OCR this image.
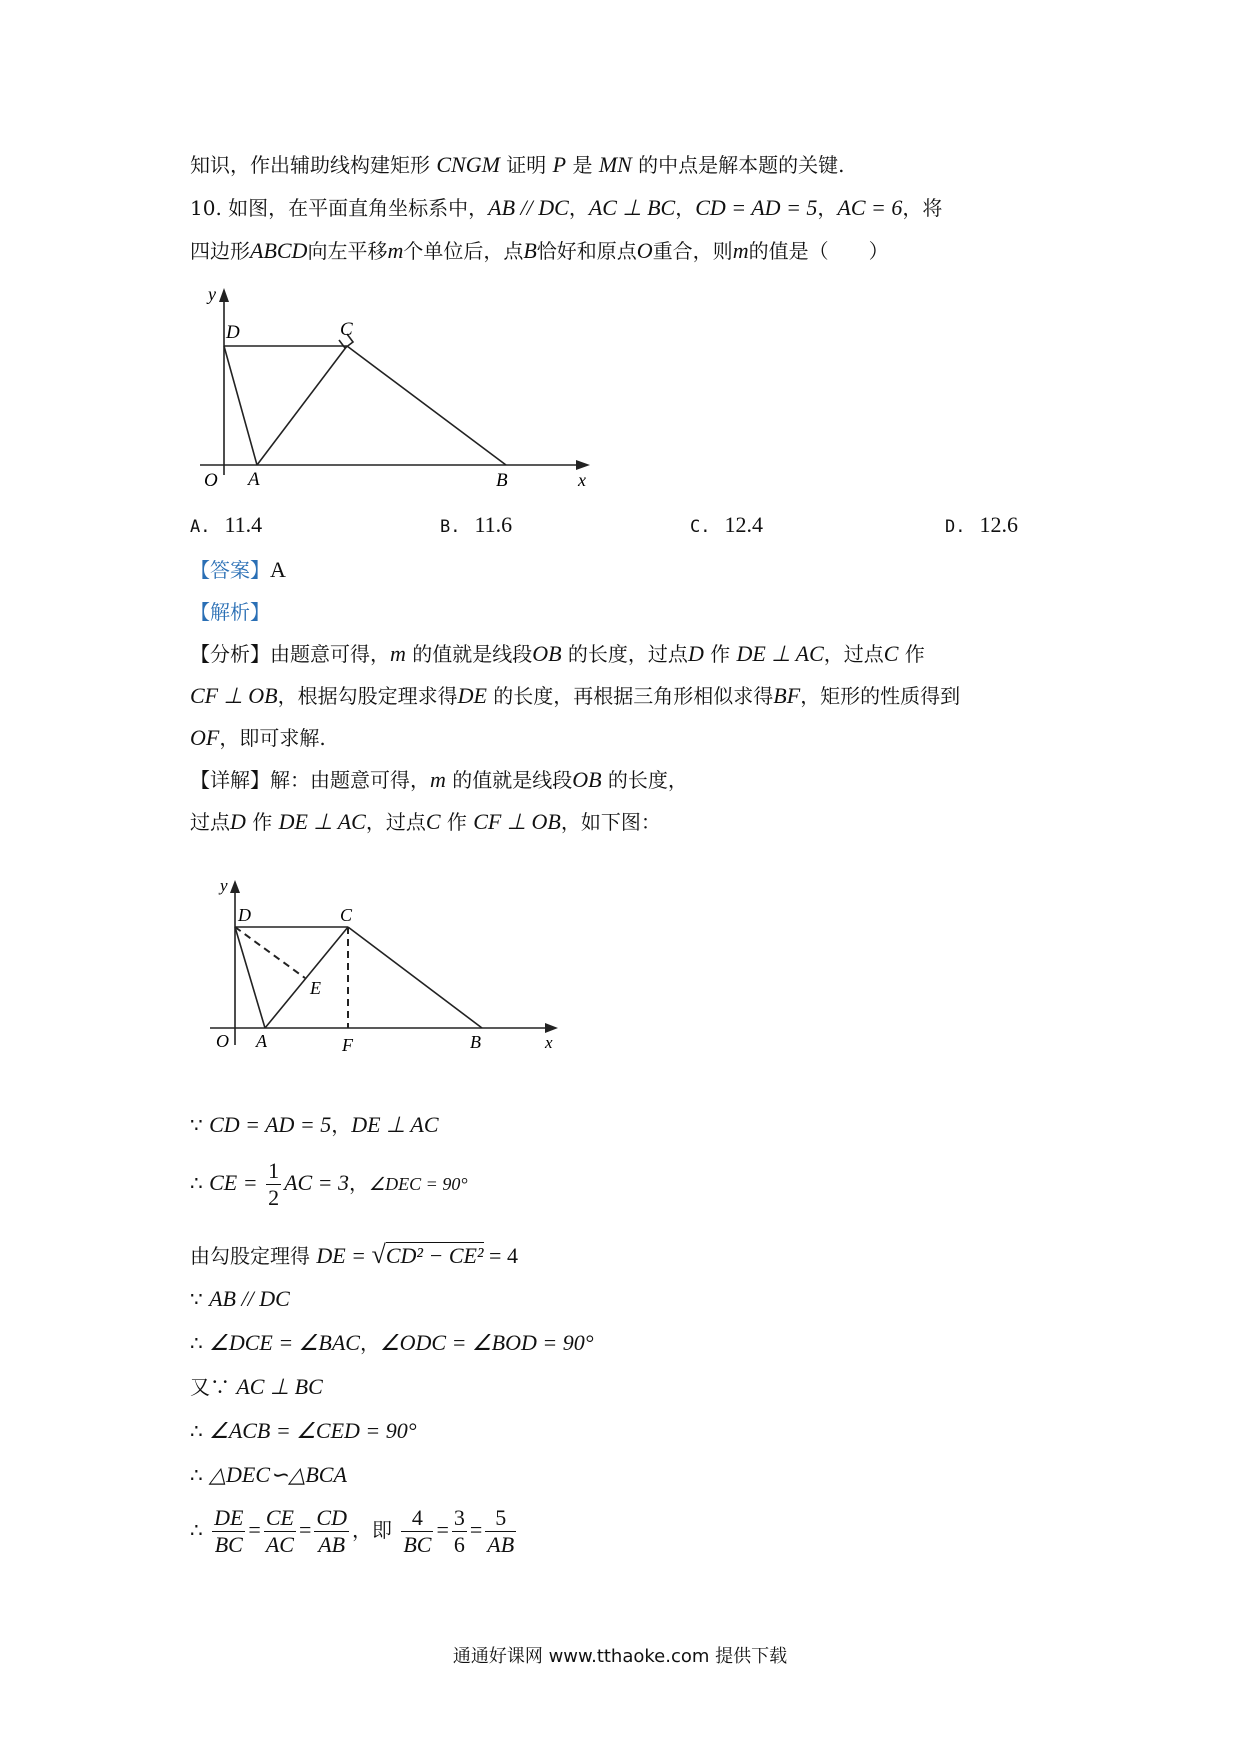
知识，作出辅助线构建矩形 CNGM 证明 P 是 MN 的中点是解本题的关键.
10. 如图，在平面直角坐标系中，AB // DC，AC ⊥ BC，CD = AD = 5，AC = 6，将
四边形ABCD向左平移m个单位后，点B恰好和原点O重合，则m的值是（　　）
y
x
O A	B
C
D
A. 11.4	B. 11.6	C. 12.4	D. 12.6
【答案】A
【解析】
【分析】由题意可得，m 的值就是线段OB 的长度，过点D 作 DE ⊥ AC，过点C 作
CF ⊥ OB，根据勾股定理求得DE 的长度，再根据三角形相似求得BF，矩形的性质得到
OF，即可求解.
【详解】解：由题意可得，m 的值就是线段OB 的长度，
过点D 作 DE ⊥ AC，过点C 作 CF ⊥ OB，如下图：
y
x
O A	B
C
D
E
F
∵ CD = AD = 5，DE ⊥ AC
∴ CE = $\frac{1}{2}$ AC = 3，∠DEC = 90°
由勾股定理得 DE = √CD² − CE² = 4
∵ AB // DC
∴ ∠DCE = ∠BAC，∠ODC = ∠BOD = 90°
又∵ AC ⊥ BC
∴ ∠ACB = ∠CED = 90°
∴ △DEC∽△BCA
∴ $\frac{DE}{BC} = \frac{CE}{AC} = \frac{CD}{AB}$ ，即 $\frac{4}{BC} = \frac{3}{6} = \frac{5}{AB}$
通通好课网 www.tthaoke.com 提供下载
